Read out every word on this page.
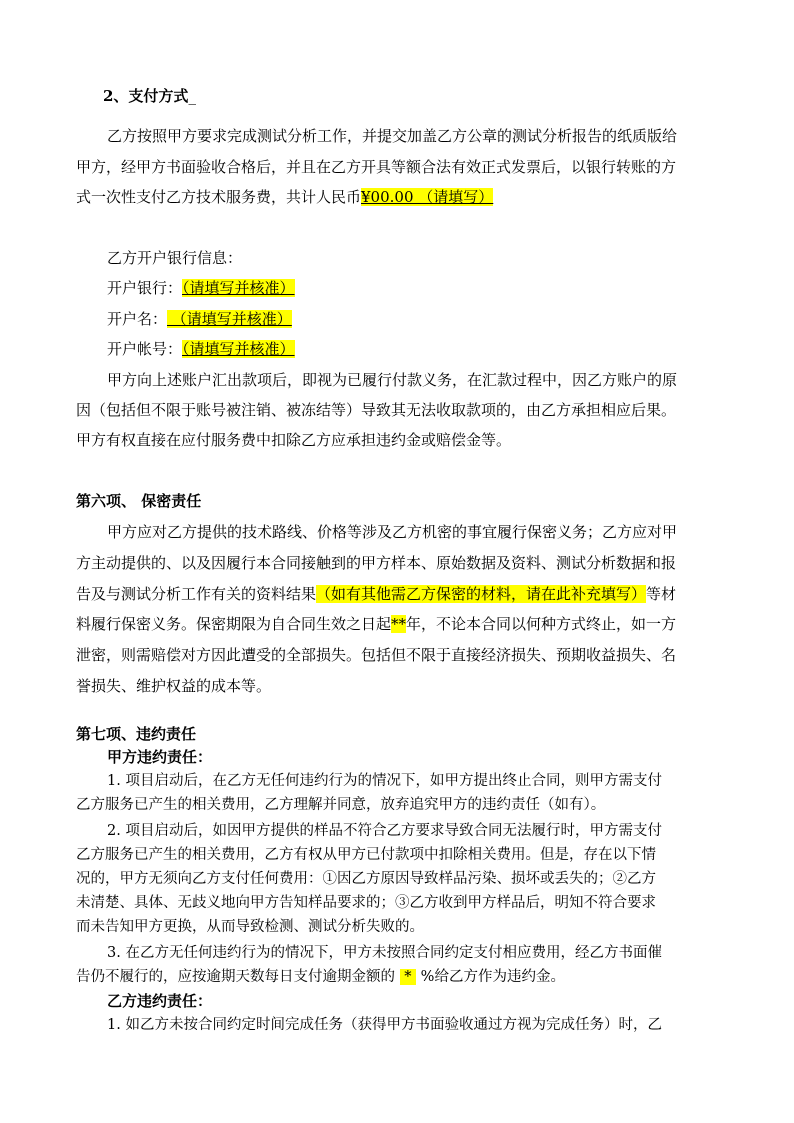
2、支付方式_
乙方按照甲方要求完成测试分析工作，并提交加盖乙方公章的测试分析报告的纸质版给
甲方，经甲方书面验收合格后，并且在乙方开具等额合法有效正式发票后，以银行转账的方
式一次性支付乙方技术服务费，共计人民币¥00.00 （请填写）
乙方开户银行信息：
开户银行：（请填写并核准）
开户名： （请填写并核准）
开户帐号：（请填写并核准）
甲方向上述账户汇出款项后，即视为已履行付款义务，在汇款过程中，因乙方账户的原
因（包括但不限于账号被注销、被冻结等）导致其无法收取款项的，由乙方承担相应后果。
甲方有权直接在应付服务费中扣除乙方应承担违约金或赔偿金等。
第六项、 保密责任
甲方应对乙方提供的技术路线、价格等涉及乙方机密的事宜履行保密义务；乙方应对甲
方主动提供的、以及因履行本合同接触到的甲方样本、原始数据及资料、测试分析数据和报
告及与测试分析工作有关的资料结果（如有其他需乙方保密的材料，请在此补充填写）等材
料履行保密义务。保密期限为自合同生效之日起**年，不论本合同以何种方式终止，如一方
泄密，则需赔偿对方因此遭受的全部损失。包括但不限于直接经济损失、预期收益损失、名
誉损失、维护权益的成本等。
第七项、违约责任
甲方违约责任：
1. 项目启动后，在乙方无任何违约行为的情况下，如甲方提出终止合同，则甲方需支付
乙方服务已产生的相关费用，乙方理解并同意，放弃追究甲方的违约责任（如有）。
2. 项目启动后，如因甲方提供的样品不符合乙方要求导致合同无法履行时，甲方需支付
乙方服务已产生的相关费用，乙方有权从甲方已付款项中扣除相关费用。但是，存在以下情
况的，甲方无须向乙方支付任何费用：①因乙方原因导致样品污染、损坏或丢失的；②乙方
未清楚、具体、无歧义地向甲方告知样品要求的；③乙方收到甲方样品后，明知不符合要求
而未告知甲方更换，从而导致检测、测试分析失败的。
3. 在乙方无任何违约行为的情况下，甲方未按照合同约定支付相应费用，经乙方书面催
告仍不履行的，应按逾期天数每日支付逾期金额的  *  %给乙方作为违约金。
乙方违约责任：
1. 如乙方未按合同约定时间完成任务（获得甲方书面验收通过方视为完成任务）时，乙
